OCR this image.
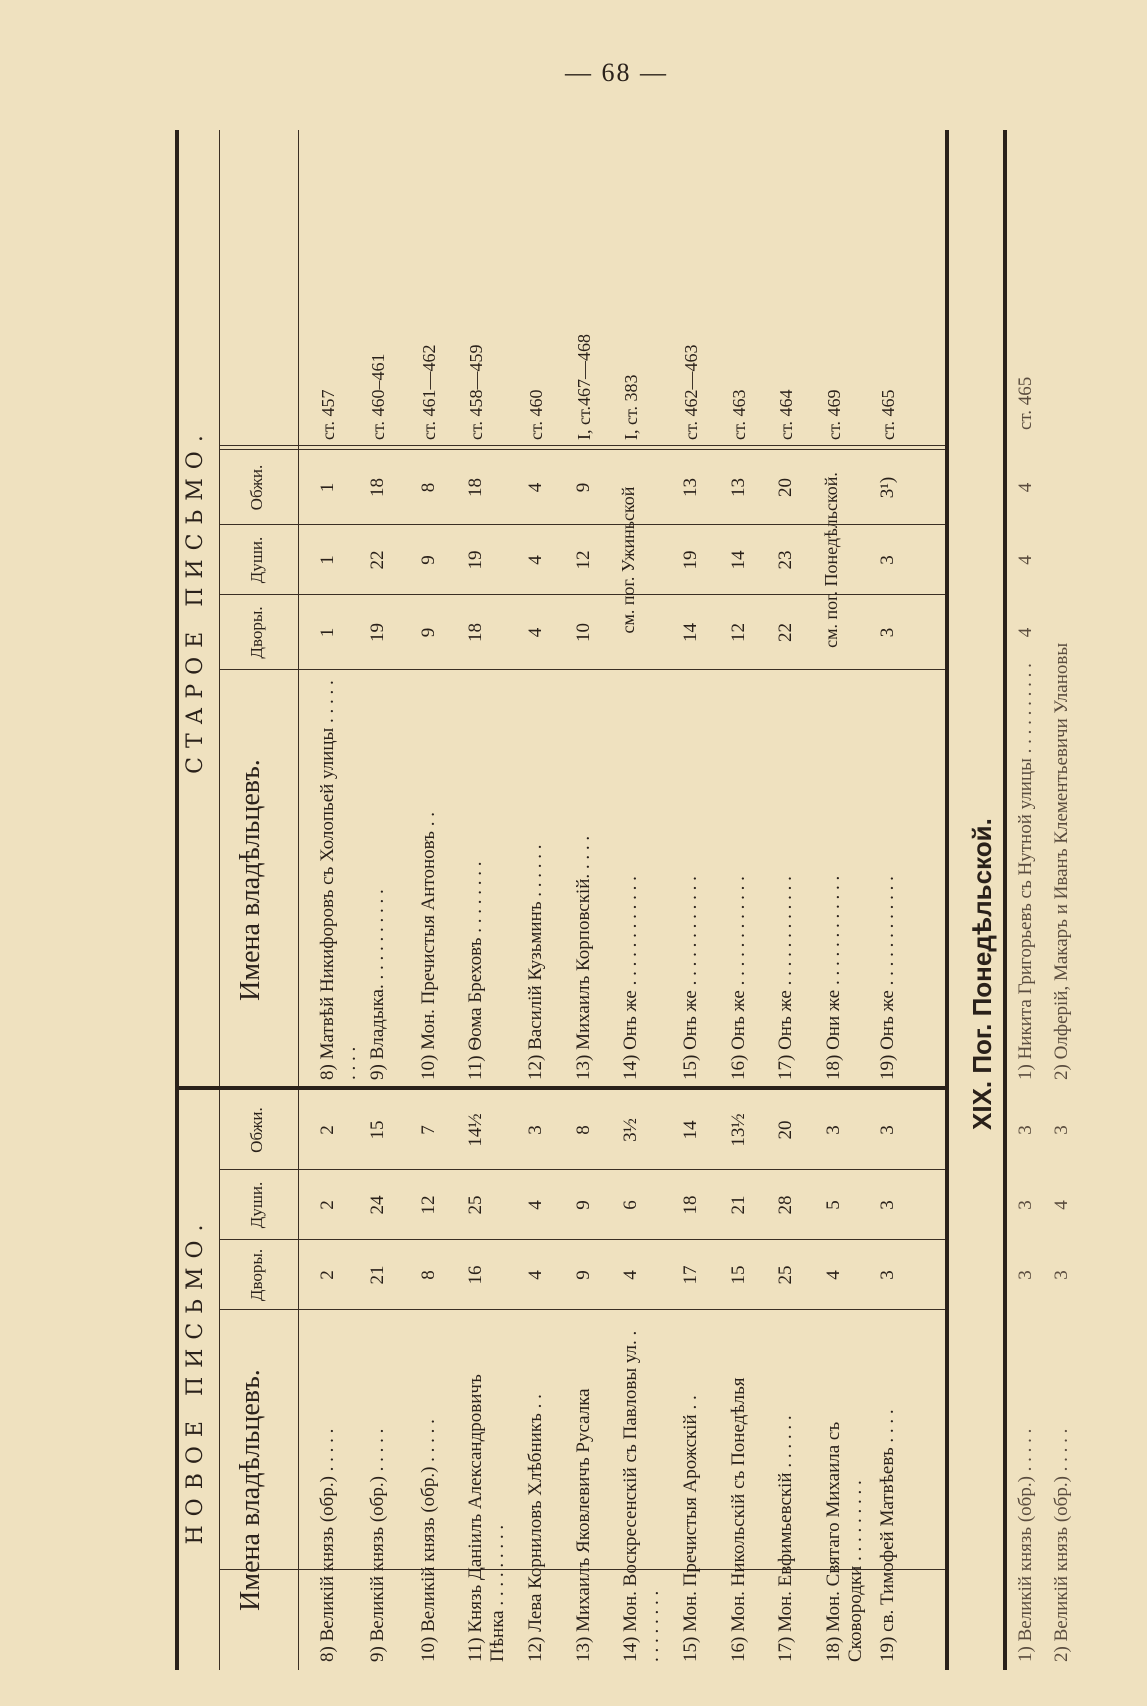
— 68 —
НОВОЕ ПИСЬМО.
СТАРОЕ ПИСЬМО.
Имена владѣльцевъ.
Дворы.
Души.
Обжи.
Имена владѣльцевъ.
Дворы.
Души.
Обжи.
8) Великій князь (обр.) . . . . .
2
2
2
8) Матвѣй Никифоровъ съ Холопьей улицы . . . . . . . . .
1
1
1
ст. 457
9) Великій князь (обр.) . . . . .
21
24
15
9) Владыка. . . . . . . . . . .
19
22
18
ст. 460–461
10) Великій князь (обр.) . . . . .
8
12
7
10) Мон. Пречистыя Антоновъ . .
9
9
8
ст. 461—462
11) Князь Даніилъ Александровичъ Пѣнка . . . . . . . . .
16
25
14½
11) Ѳома Бреховъ . . . . . . . .
18
19
18
ст. 458—459
12) Лева Корниловъ Хлѣбникъ . .
4
4
3
12) Василій Кузьминъ . . . . . .
4
4
4
ст. 460
13) Михаилъ Яковлевичъ Русалка
9
9
8
13) Михаилъ Корповскій. . . . .
10
12
9
I, ст.467—468
14) Мон. Воскресенскій съ Павловы ул. . . . . . . . . .
4
6
3½
14) Онъ же . . . . . . . . . . . .
см. пог. Ужиньской
I, ст. 383
15) Мон. Пречистыя Арожскій . .
17
18
14
15) Онъ же . . . . . . . . . . . .
14
19
13
ст. 462—463
16) Мон. Никольскій съ Понедѣлья
15
21
13½
16) Онъ же . . . . . . . . . . . .
12
14
13
ст. 463
17) Мон. Евфимьевскій . . . . . .
25
28
20
17) Онъ же . . . . . . . . . . . .
22
23
20
ст. 464
18) Мон. Святаго Михаила съ Сковородки . . . . . . . . .
4
5
3
18) Они же . . . . . . . . . . . .
см. пог. Понедѣльской.
ст. 469
19) св. Тимофей Матвѣевъ . . . .
3
3
3
19) Онъ же . . . . . . . . . . . .
3
3
3¹)
ст. 465
XIX. Пог. Понедѣльской.
1) Великій князь (обр.) . . . . .
3
3
3
1) Никита Григорьевъ съ Нутной улицы . . . . . . . . . .
4
4
4
ст. 465
2) Великій князь (обр.) . . . . .
3
4
3
2) Олферій, Макаръ и Иванъ Клементьевичи Улановы
